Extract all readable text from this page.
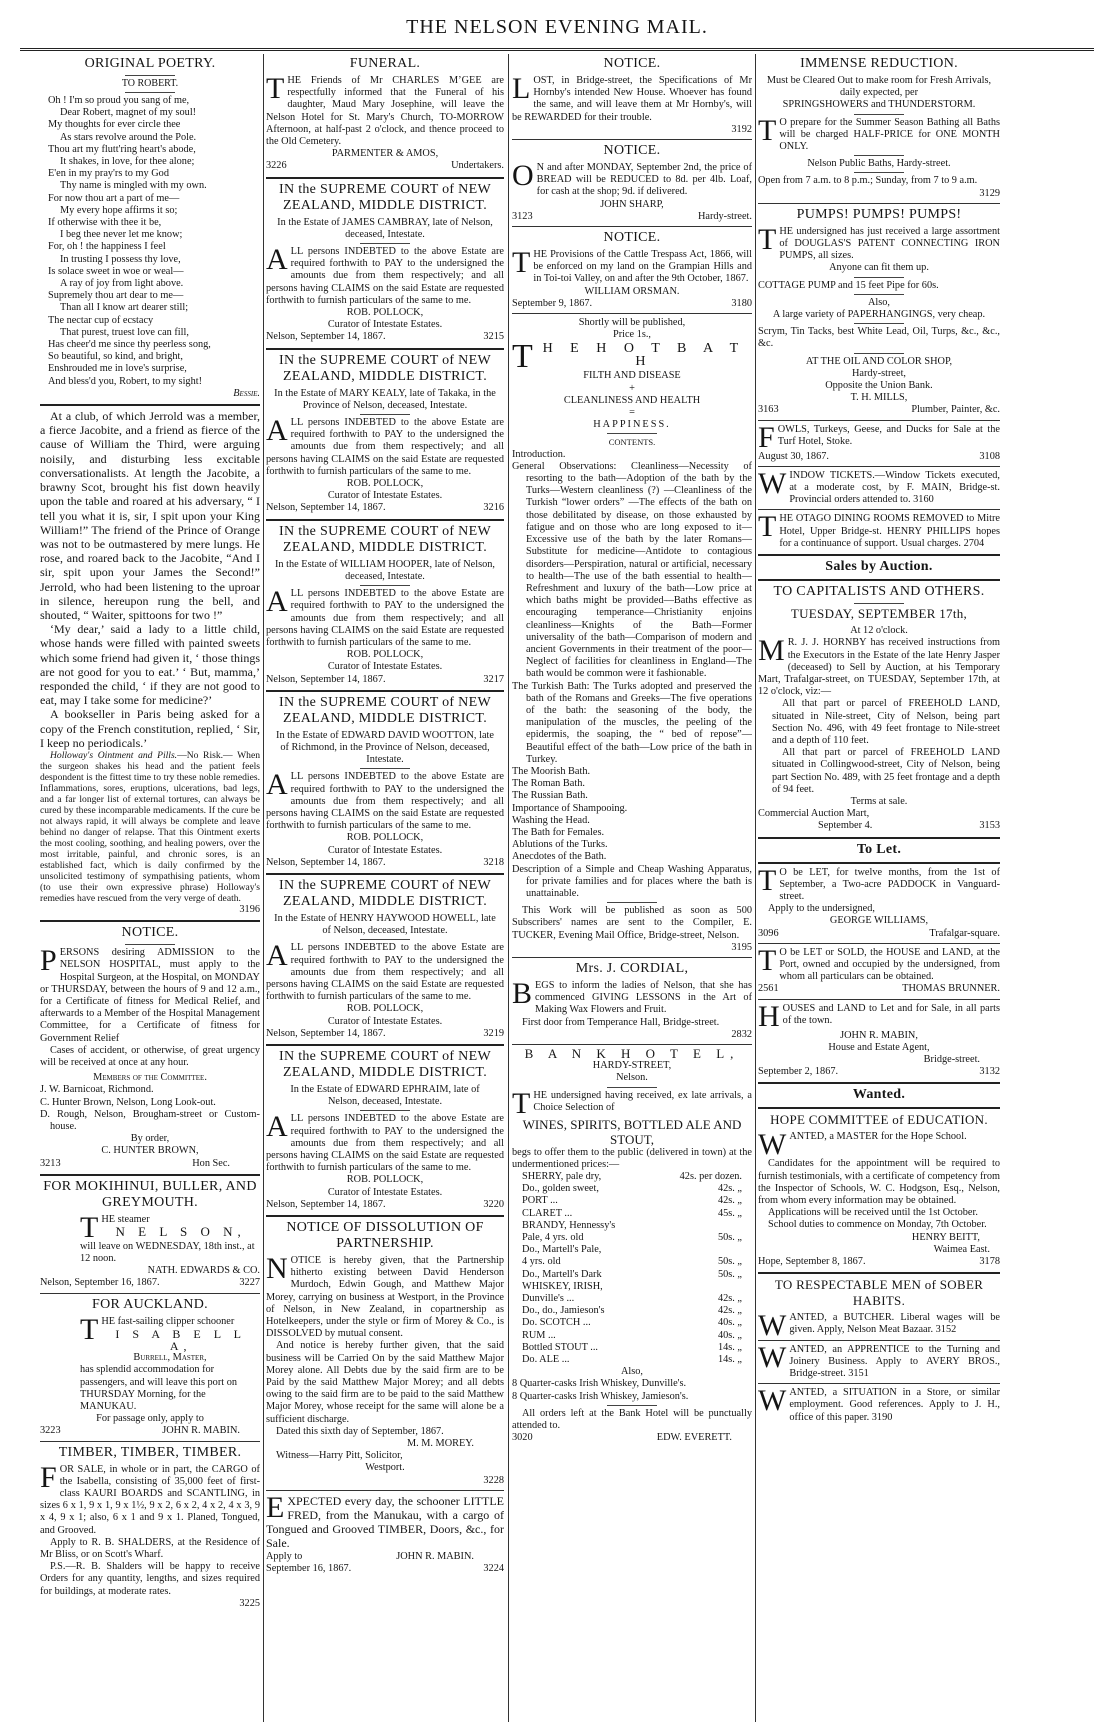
THE NELSON EVENING MAIL.
ORIGINAL POETRY.
TO ROBERT.
Oh ! I'm so proud you sang of me,
Dear Robert, magnet of my soul!
My thoughts for ever circle thee
As stars revolve around the Pole.
Thou art my flutt'ring heart's abode,
It shakes, in love, for thee alone;
E'en in my pray'rs to my God
Thy name is mingled with my own.
For now thou art a part of me—
My every hope affirms it so;
If otherwise with thee it be,
I beg thee never let me know;
For, oh ! the happiness I feel
In trusting I possess thy love,
Is solace sweet in woe or weal—
A ray of joy from light above.
Supremely thou art dear to me—
Than all I know art dearer still;
The nectar cup of ecstacy
That purest, truest love can fill,
Has cheer'd me since thy peerless song,
So beautiful, so kind, and bright,
Enshrouded me in love's surprise,
And bless'd you, Robert, to my sight!
Bessie.
At a club, of which Jerrold was a member, a fierce Jacobite, and a friend as fierce of the cause of William the Third, were arguing noisily, and disturbing less excitable conversationalists. At length the Jacobite, a brawny Scot, brought his fist down heavily upon the table and roared at his adversary, “ I tell you what it is, sir, I spit upon your King William!” The friend of the Prince of Orange was not to be outmastered by mere lungs. He rose, and roared back to the Jacobite, “And I sir, spit upon your James the Second!” Jerrold, who had been listening to the uproar in silence, hereupon rung the bell, and shouted, “ Waiter, spittoons for two !”
‘My dear,’ said a lady to a little child, whose hands were filled with painted sweets which some friend had given it, ‘ those things are not good for you to eat.’ ‘ But, mamma,’ responded the child, ‘ if they are not good to eat, may I take some for medicine?’
A bookseller in Paris being asked for a copy of the French constitution, replied, ‘ Sir, I keep no periodicals.’
Holloway's Ointment and Pills.—No Risk.— When the surgeon shakes his head and the patient feels despondent is the fittest time to try these noble remedies. Inflammations, sores, eruptions, ulcerations, bad legs, and a far longer list of external tortures, can always be cured by these incomparable medicaments. If the cure be not always rapid, it will always be complete and leave behind no danger of relapse. That this Ointment exerts the most cooling, soothing, and healing powers, over the most irritable, painful, and chronic sores, is an established fact, which is daily confirmed by the unsolicited testimony of sympathising patients, whom (to use their own expressive phrase) Holloway's remedies have rescued from the very verge of death.
3196
NOTICE.
PERSONS desiring ADMISSION to the NELSON HOSPITAL, must apply to the Hospital Surgeon, at the Hospital, on MONDAY or THURSDAY, between the hours of 9 and 12 a.m., for a Certificate of fitness for Medical Relief, and afterwards to a Member of the Hospital Management Committee, for a Certificate of fitness for Government Relief
Cases of accident, or otherwise, of great urgency will be received at once at any hour.
Members of the Committee.
J. W. Barnicoat, Richmond.
C. Hunter Brown, Nelson, Long Look-out.
D. Rough, Nelson, Brougham-street or Custom-house.
By order,
C. HUNTER BROWN,
3213	Hon Sec.
FOR MOKIHINUI, BULLER, AND GREYMOUTH.
THE steamer
N E L S O N,
will leave on WEDNESDAY, 18th inst., at 12 noon.
NATH. EDWARDS & CO.
Nelson, September 16, 1867.	3227
FOR AUCKLAND.
THE fast-sailing clipper schooner
I S A B E L L A,
Burrell, Master,
has splendid accommodation for passengers, and will leave this port on THURSDAY Morning, for the MANUKAU.
For passage only, apply to
3223	JOHN R. MABIN.
TIMBER, TIMBER, TIMBER.
FOR SALE, in whole or in part, the CARGO of the Isabella, consisting of 35,000 feet of first-class KAURI BOARDS and SCANTLING, in sizes 6 x 1, 9 x 1, 9 x 1½, 9 x 2, 6 x 2, 4 x 2, 4 x 3, 9 x 4, 9 x 1; also, 6 x 1 and 9 x 1. Planed, Tongued, and Grooved.
Apply to R. B. SHALDERS, at the Residence of Mr Bliss, or on Scott's Wharf.
P.S.—R. B. Shalders will be happy to receive Orders for any quantity, lengths, and sizes required for buildings, at moderate rates.
3225
FUNERAL.
THE Friends of Mr CHARLES M’GEE are respectfully informed that the Funeral of his daughter, Maud Mary Josephine, will leave the Nelson Hotel for St. Mary's Church, TO-MORROW Afternoon, at half-past 2 o'clock, and thence proceed to the Old Cemetery.
PARMENTER & AMOS,
3226	Undertakers.
IN the SUPREME COURT of NEW ZEALAND, MIDDLE DISTRICT.
In the Estate of JAMES CAMBRAY, late of Nelson, deceased, Intestate.
ALL persons INDEBTED to the above Estate are required forthwith to PAY to the undersigned the amounts due from them respectively; and all persons having CLAIMS on the said Estate are requested forthwith to furnish particulars of the same to me.
ROB. POLLOCK,
Curator of Intestate Estates.
Nelson, September 14, 1867.	3215
IN the SUPREME COURT of NEW ZEALAND, MIDDLE DISTRICT.
In the Estate of MARY KEALY, late of Takaka, in the Province of Nelson, deceased, Intestate.
ALL persons INDEBTED to the above Estate are required forthwith to PAY to the undersigned the amounts due from them respectively; and all persons having CLAIMS on the said Estate are requested forthwith to furnish particulars of the same to me.
ROB. POLLOCK,
Curator of Intestate Estates.
Nelson, September 14, 1867.	3216
IN the SUPREME COURT of NEW ZEALAND, MIDDLE DISTRICT.
In the Estate of WILLIAM HOOPER, late of Nelson, deceased, Intestate.
ALL persons INDEBTED to the above Estate are required forthwith to PAY to the undersigned the amounts due from them respectively; and all persons having CLAIMS on the said Estate are requested forthwith to furnish particulars of the same to me.
ROB. POLLOCK,
Curator of Intestate Estates.
Nelson, September 14, 1867.	3217
IN the SUPREME COURT of NEW ZEALAND, MIDDLE DISTRICT.
In the Estate of EDWARD DAVID WOOTTON, late of Richmond, in the Province of Nelson, deceased, Intestate.
ALL persons INDEBTED to the above Estate are required forthwith to PAY to the undersigned the amounts due from them respectively; and all persons having CLAIMS on the said Estate are requested forthwith to furnish particulars of the same to me.
ROB. POLLOCK,
Curator of Intestate Estates.
Nelson, September 14, 1867.	3218
IN the SUPREME COURT of NEW ZEALAND, MIDDLE DISTRICT.
In the Estate of HENRY HAYWOOD HOWELL, late of Nelson, deceased, Intestate.
ALL persons INDEBTED to the above Estate are required forthwith to PAY to the undersigned the amounts due from them respectively; and all persons having CLAIMS on the said Estate are requested forthwith to furnish particulars of the same to me.
ROB. POLLOCK,
Curator of Intestate Estates.
Nelson, September 14, 1867.	3219
IN the SUPREME COURT of NEW ZEALAND, MIDDLE DISTRICT.
In the Estate of EDWARD EPHRAIM, late of Nelson, deceased, Intestate.
ALL persons INDEBTED to the above Estate are required forthwith to PAY to the undersigned the amounts due from them respectively; and all persons having CLAIMS on the said Estate are requested forthwith to furnish particulars of the same to me.
ROB. POLLOCK,
Curator of Intestate Estates.
Nelson, September 14, 1867.	3220
NOTICE OF DISSOLUTION OF PARTNERSHIP.
NOTICE is hereby given, that the Partnership hitherto existing between David Henderson Murdoch, Edwin Gough, and Matthew Major Morey, carrying on business at Westport, in the Province of Nelson, in New Zealand, in copartnership as Hotelkeepers, under the style or firm of Morey & Co., is DISSOLVED by mutual consent.
And notice is hereby further given, that the said business will be Carried On by the said Matthew Major Morey alone. All Debts due by the said firm are to be Paid by the said Matthew Major Morey; and all debts owing to the said firm are to be paid to the said Matthew Major Morey, whose receipt for the same will alone be a sufficient discharge.
Dated this sixth day of September, 1867.
M. M. MOREY.
Witness—Harry Pitt, Solicitor,
Westport.
3228
EXPECTED every day, the schooner LITTLE FRED, from the Manukau, with a cargo of Tongued and Grooved TIMBER, Doors, &c., for Sale.
Apply to	JOHN R. MABIN.
September 16, 1867.	3224
NOTICE.
LOST, in Bridge-street, the Specifications of Mr Hornby's intended New House. Whoever has found the same, and will leave them at Mr Hornby's, will be REWARDED for their trouble.
3192
NOTICE.
O N and after MONDAY, September 2nd, the price of BREAD will be REDUCED to 8d. per 4lb. Loaf, for cash at the shop; 9d. if delivered.
JOHN SHARP,
3123	Hardy-street.
NOTICE.
THE Provisions of the Cattle Trespass Act, 1866, will be enforced on my land on the Grampian Hills and in Toi-toi Valley, on and after the 9th October, 1867.
WILLIAM ORSMAN.
September 9, 1867.	3180
Shortly will be published,
Price 1s.,
T H E H O T B A T H
FILTH AND DISEASE
+
CLEANLINESS AND HEALTH
=
HAPPINESS.
CONTENTS.
Introduction.
General Observations: Cleanliness—Necessity of resorting to the bath—Adoption of the bath by the Turks—Western cleanliness (?) —Cleanliness of the Turkish “lower orders” —The effects of the bath on those debilitated by disease, on those exhausted by fatigue and on those who are long exposed to it—Excessive use of the bath by the later Romans—Substitute for medicine—Antidote to contagious disorders—Perspiration, natural or artificial, necessary to health—The use of the bath essential to health—Refreshment and luxury of the bath—Low price at which baths might be provided—Baths effective as encouraging temperance—Christianity enjoins cleanliness—Knights of the Bath—Former universality of the bath—Comparison of modern and ancient Governments in their treatment of the poor—Neglect of facilities for cleanliness in England—The bath would be common were it fashionable.
The Turkish Bath: The Turks adopted and preserved the bath of the Romans and Greeks—The five operations of the bath: the seasoning of the body, the manipulation of the muscles, the peeling of the epidermis, the soaping, the “ bed of repose”—Beautiful effect of the bath—Low price of the bath in Turkey.
The Moorish Bath.
The Roman Bath.
The Russian Bath.
Importance of Shampooing.
Washing the Head.
The Bath for Females.
Ablutions of the Turks.
Anecdotes of the Bath.
Description of a Simple and Cheap Washing Apparatus, for private families and for places where the bath is unattainable.
This Work will be published as soon as 500 Subscribers' names are sent to the Compiler, E. TUCKER, Evening Mail Office, Bridge-street, Nelson.
3195
Mrs. J. CORDIAL,
BEGS to inform the ladies of Nelson, that she has commenced GIVING LESSONS in the Art of Making Wax Flowers and Fruit.
First door from Temperance Hall, Bridge-street.
2832
B A N K H O T E L,
HARDY-STREET,
Nelson.
THE undersigned having received, ex late arrivals, a Choice Selection of
WINES, SPIRITS, BOTTLED ALE AND STOUT,
begs to offer them to the public (delivered in town) at the undermentioned prices:—
SHERRY, pale dry,	42s. per dozen.
Do., golden sweet,	42s. „
PORT ...	42s. „
CLARET ...	45s. „
BRANDY, Hennessy's
Pale, 4 yrs. old	50s. „
Do., Martell's Pale,
4 yrs. old	50s. „
Do., Martell's Dark	50s. „
WHISKEY, IRISH,
Dunville's ...	42s. „
Do., do., Jamieson's	42s. „
Do. SCOTCH ...	40s. „
RUM ...	40s. „
Bottled STOUT ...	14s. „
Do. ALE ...	14s. „
Also,
8 Quarter-casks Irish Whiskey, Dunville's.
8 Quarter-casks Irish Whiskey, Jamieson's.
All orders left at the Bank Hotel will be punctually attended to.
3020	EDW. EVERETT.
IMMENSE REDUCTION.
Must be Cleared Out to make room for Fresh Arrivals, daily expected, per
SPRINGSHOWERS and THUNDERSTORM.
T O prepare for the Summer Season Bathing all Baths will be charged HALF-PRICE for ONE MONTH ONLY.
Nelson Public Baths, Hardy-street.
Open from 7 a.m. to 8 p.m.; Sunday, from 7 to 9 a.m.
3129
PUMPS! PUMPS! PUMPS!
THE undersigned has just received a large assortment of DOUGLAS'S PATENT CONNECTING IRON PUMPS, all sizes.
Anyone can fit them up.
COTTAGE PUMP and 15 feet Pipe for 60s.
Also,
A large variety of PAPERHANGINGS, very cheap.
Scrym, Tin Tacks, best White Lead, Oil, Turps, &c., &c., &c.
AT THE OIL AND COLOR SHOP,
Hardy-street,
Opposite the Union Bank.
T. H. MILLS,
3163	Plumber, Painter, &c.
FOWLS, Turkeys, Geese, and Ducks for Sale at the Turf Hotel, Stoke.
August 30, 1867.	3108
WINDOW TICKETS.—Window Tickets executed, at a moderate cost, by F. MAIN, Bridge-st. Provincial orders attended to. 3160
THE OTAGO DINING ROOMS REMOVED to Mitre Hotel, Upper Bridge-st. HENRY PHILLIPS hopes for a continuance of support. Usual charges. 2704
Sales by Auction.
TO CAPITALISTS AND OTHERS.
TUESDAY, SEPTEMBER 17th,
At 12 o'clock.
M R. J. J. HORNBY has received instructions from the Executors in the Estate of the late Henry Jasper (deceased) to Sell by Auction, at his Temporary Mart, Trafalgar-street, on TUESDAY, September 17th, at 12 o'clock, viz:—
All that part or parcel of FREEHOLD LAND, situated in Nile-street, City of Nelson, being part Section No. 496, with 49 feet frontage to Nile-street and a depth of 110 feet.
All that part or parcel of FREEHOLD LAND situated in Collingwood-street, City of Nelson, being part Section No. 489, with 25 feet frontage and a depth of 94 feet.
Terms at sale.
Commercial Auction Mart,
September 4.	3153
To Let.
T O be LET, for twelve months, from the 1st of September, a Two-acre PADDOCK in Vanguard-street.
Apply to the undersigned,
GEORGE WILLIAMS,
3096	Trafalgar-square.
T O be LET or SOLD, the HOUSE and LAND, at the Port, owned and occupied by the undersigned, from whom all particulars can be obtained.
2561	THOMAS BRUNNER.
HOUSES and LAND to Let and for Sale, in all parts of the town.
JOHN R. MABIN,
House and Estate Agent,
Bridge-street.
September 2, 1867.	3132
Wanted.
HOPE COMMITTEE of EDUCATION.
WANTED, a MASTER for the Hope School.
Candidates for the appointment will be required to furnish testimonials, with a certificate of competency from the Inspector of Schools, W. C. Hodgson, Esq., Nelson, from whom every information may be obtained.
Applications will be received until the 1st October.
School duties to commence on Monday, 7th October.
HENRY BEITT,
Waimea East.
Hope, September 8, 1867.	3178
TO RESPECTABLE MEN of SOBER HABITS.
WANTED, a BUTCHER. Liberal wages will be given. Apply, Nelson Meat Bazaar. 3152
WANTED, an APPRENTICE to the Turning and Joinery Business. Apply to AVERY BROS., Bridge-street. 3151
WANTED, a SITUATION in a Store, or similar employment. Good references. Apply to J. H., office of this paper. 3190
